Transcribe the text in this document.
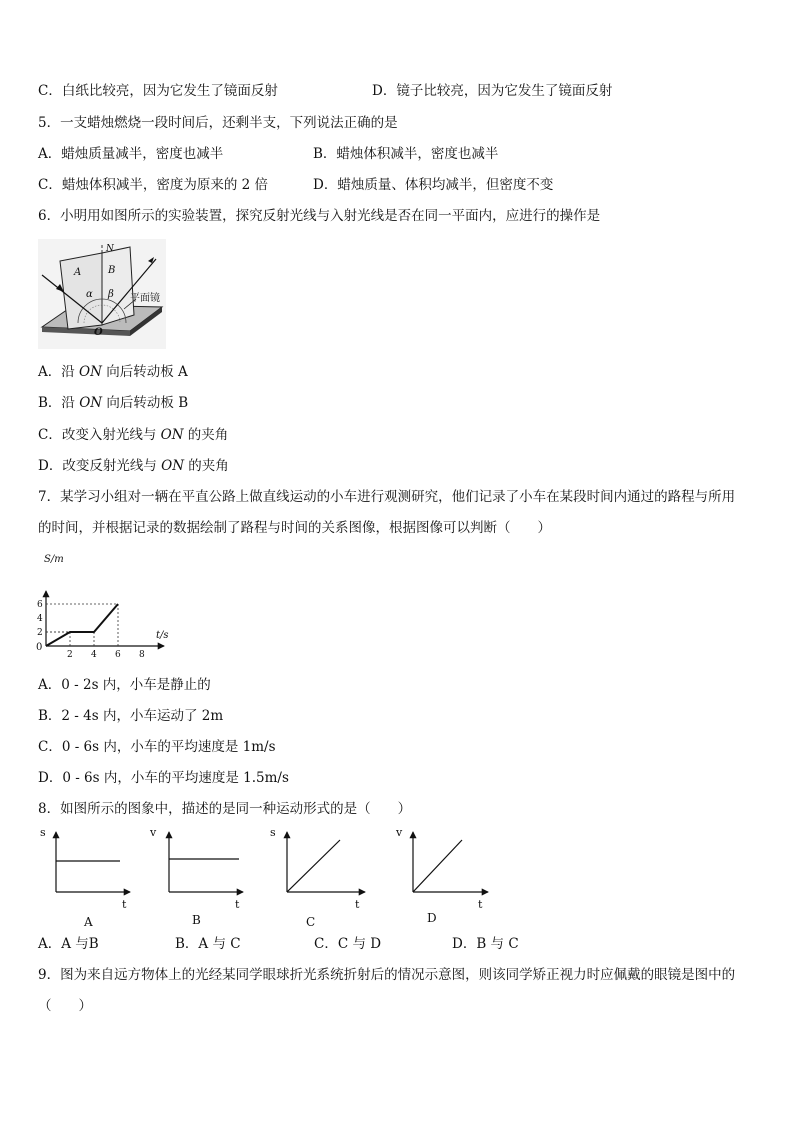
C．白纸比较亮，因为它发生了镜面反射	D．镜子比较亮，因为它发生了镜面反射
5．一支蜡烛燃烧一段时间后，还剩半支，下列说法正确的是
A．蜡烛质量减半，密度也减半	B．蜡烛体积减半，密度也减半
C．蜡烛体积减半，密度为原来的 2 倍	D．蜡烛质量、体积均减半，但密度不变
6．小明用如图所示的实验装置，探究反射光线与入射光线是否在同一平面内，应进行的操作是
N
A	B
α β
O
平面镜
A．沿 ON 向后转动板 A
B．沿 ON 向后转动板 B
C．改变入射光线与 ON 的夹角
D．改变反射光线与 ON 的夹角
7．某学习小组对一辆在平直公路上做直线运动的小车进行观测研究，他们记录了小车在某段时间内通过的路程与所用
的时间，并根据记录的数据绘制了路程与时间的关系图像，根据图像可以判断（　　）
2 4 6 8
2
4
6
S/m
t/s
0
A．0 - 2s 内，小车是静止的
B．2 - 4s 内，小车运动了 2m
C．0 - 6s 内，小车的平均速度是 1m/s
D．0 - 6s 内，小车的平均速度是 1.5m/s
8．如图所示的图象中，描述的是同一种运动形式的是（　　）
s
t
A
v
t
B
s
t
C
v
t
D
A．A 与B	B．A 与 C	C．C 与 D	D．B 与 C
9．图为来自远方物体上的光经某同学眼球折光系统折射后的情况示意图，则该同学矫正视力时应佩戴的眼镜是图中的
（　　）
